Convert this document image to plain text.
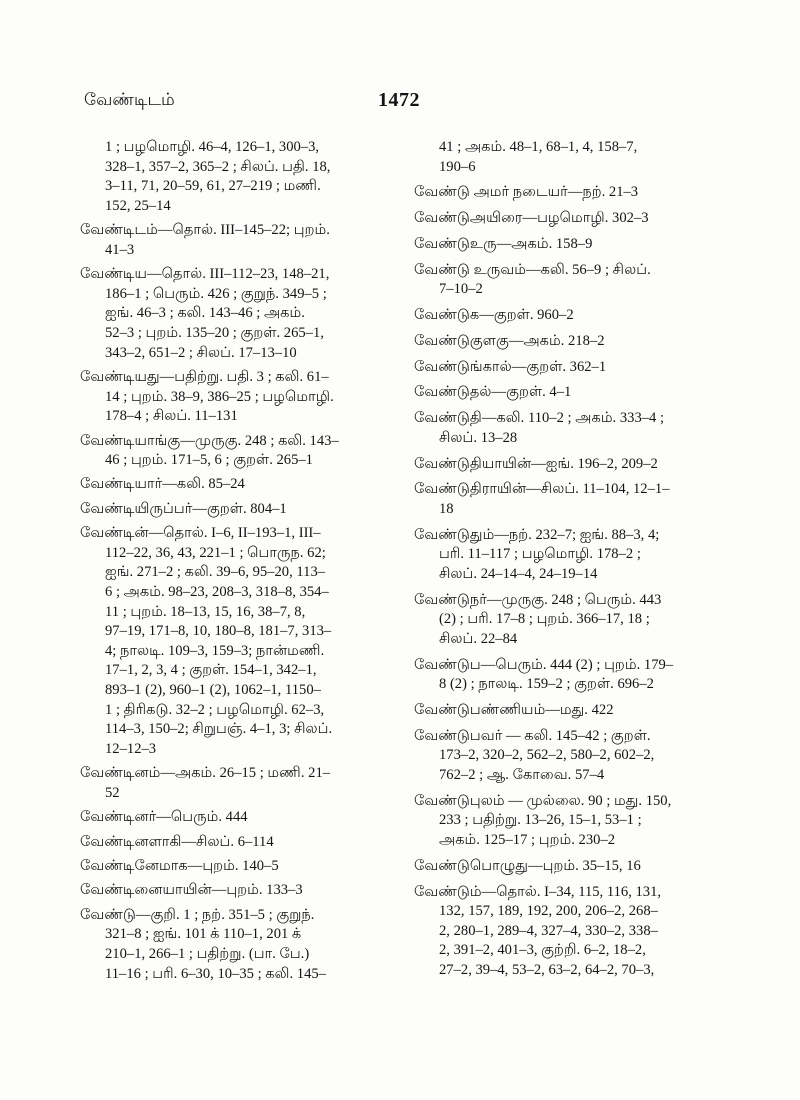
வேண்டிடம்	1472
1 ; பழமொழி. 46–4, 126–1, 300–3,
328–1, 357–2, 365–2 ; சிலப். பதி. 18,
3–11, 71, 20–59, 61, 27–219 ; மணி.
152, 25–14
வேண்டிடம்—தொல். III–145–22; புறம்.
41–3
வேண்டிய—தொல். III–112–23, 148–21,
186–1 ; பெரும். 426 ; குறுந். 349–5 ;
ஐங். 46–3 ; கலி. 143–46 ; அகம்.
52–3 ; புறம். 135–20 ; குறள். 265–1,
343–2, 651–2 ; சிலப். 17–13–10
வேண்டியது—பதிற்று. பதி. 3 ; கலி. 61–
14 ; புறம். 38–9, 386–25 ; பழமொழி.
178–4 ; சிலப். 11–131
வேண்டியாங்கு—முருகு. 248 ; கலி. 143–
46 ; புறம். 171–5, 6 ; குறள். 265–1
வேண்டியார்—கலி. 85–24
வேண்டியிருப்பர்—குறள். 804–1
வேண்டின்—தொல். I–6, II–193–1, III–
112–22, 36, 43, 221–1 ; பொருந. 62;
ஐங். 271–2 ; கலி. 39–6, 95–20, 113–
6 ; அகம். 98–23, 208–3, 318–8, 354–
11 ; புறம். 18–13, 15, 16, 38–7, 8,
97–19, 171–8, 10, 180–8, 181–7, 313–
4; நாலடி. 109–3, 159–3; நான்மணி.
17–1, 2, 3, 4 ; குறள். 154–1, 342–1,
893–1 (2), 960–1 (2), 1062–1, 1150–
1 ; திரிகடு. 32–2 ; பழமொழி. 62–3,
114–3, 150–2; சிறுபஞ். 4–1, 3; சிலப்.
12–12–3
வேண்டினம்—அகம். 26–15 ; மணி. 21–
52
வேண்டினர்—பெரும். 444
வேண்டினளாகி—சிலப். 6–114
வேண்டினேமாக—புறம். 140–5
வேண்டினையாயின்—புறம். 133–3
வேண்டு—குறி. 1 ; நற். 351–5 ; குறுந்.
321–8 ; ஐங். 101 க் 110–1, 201 க்
210–1, 266–1 ; பதிற்று. (பா. பே.)
11–16 ; பரி. 6–30, 10–35 ; கலி. 145–
41 ; அகம். 48–1, 68–1, 4, 158–7,
190–6
வேண்டு அமர் நடையர்—நற். 21–3
வேண்டுஅயிரை—பழமொழி. 302–3
வேண்டுஉரு—அகம். 158–9
வேண்டு உருவம்—கலி. 56–9 ; சிலப்.
7–10–2
வேண்டுக—குறள். 960–2
வேண்டுகுளகு—அகம். 218–2
வேண்டுங்கால்—குறள். 362–1
வேண்டுதல்—குறள். 4–1
வேண்டுதி—கலி. 110–2 ; அகம். 333–4 ;
சிலப். 13–28
வேண்டுதியாயின்—ஐங். 196–2, 209–2
வேண்டுதிராயின்—சிலப். 11–104, 12–1–
18
வேண்டுதும்—நற். 232–7; ஐங். 88–3, 4;
பரி. 11–117 ; பழமொழி. 178–2 ;
சிலப். 24–14–4, 24–19–14
வேண்டுநர்—முருகு. 248 ; பெரும். 443
(2) ; பரி. 17–8 ; புறம். 366–17, 18 ;
சிலப். 22–84
வேண்டுப—பெரும். 444 (2) ; புறம். 179–
8 (2) ; நாலடி. 159–2 ; குறள். 696–2
வேண்டுபண்ணியம்—மது. 422
வேண்டுபவர் — கலி. 145–42 ; குறள்.
173–2, 320–2, 562–2, 580–2, 602–2,
762–2 ; ஆ. கோவை. 57–4
வேண்டுபுலம் — முல்லை. 90 ; மது. 150,
233 ; பதிற்று. 13–26, 15–1, 53–1 ;
அகம். 125–17 ; புறம். 230–2
வேண்டுபொழுது—புறம். 35–15, 16
வேண்டும்—தொல். I–34, 115, 116, 131,
132, 157, 189, 192, 200, 206–2, 268–
2, 280–1, 289–4, 327–4, 330–2, 338–
2, 391–2, 401–3, குற்றி. 6–2, 18–2,
27–2, 39–4, 53–2, 63–2, 64–2, 70–3,
